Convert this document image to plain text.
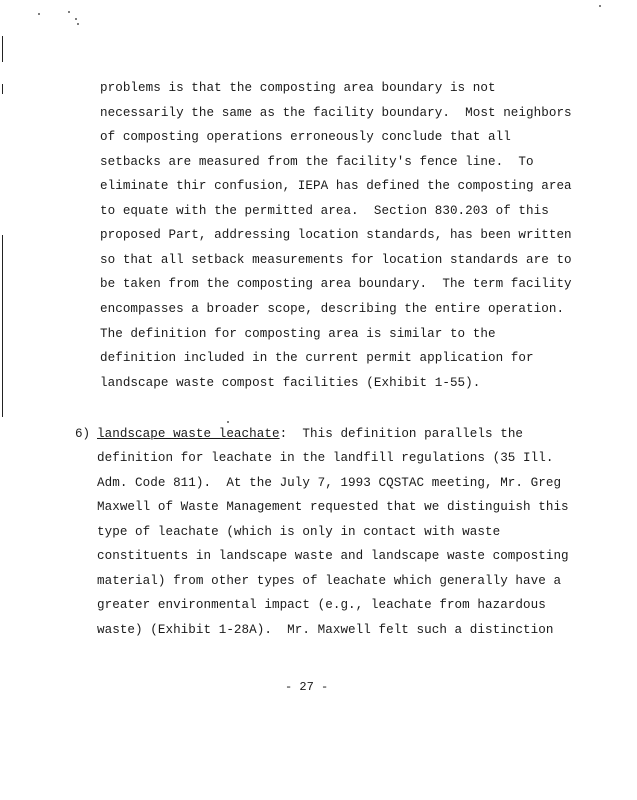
problems is that the composting area boundary is not
necessarily the same as the facility boundary.  Most neighbors
of composting operations erroneously conclude that all
setbacks are measured from the facility's fence line.  To
eliminate thir confusion, IEPA has defined the composting area
to equate with the permitted area.  Section 830.203 of this
proposed Part, addressing location standards, has been written
so that all setback measurements for location standards are to
be taken from the composting area boundary.  The term facility
encompasses a broader scope, describing the entire operation.
The definition for composting area is similar to the
definition included in the current permit application for
landscape waste compost facilities (Exhibit 1-55).
6) landscape waste leachate:  This definition parallels the
definition for leachate in the landfill regulations (35 Ill.
Adm. Code 811).  At the July 7, 1993 CQSTAC meeting, Mr. Greg
Maxwell of Waste Management requested that we distinguish this
type of leachate (which is only in contact with waste
constituents in landscape waste and landscape waste composting
material) from other types of leachate which generally have a
greater environmental impact (e.g., leachate from hazardous
waste) (Exhibit 1-28A).  Mr. Maxwell felt such a distinction
- 27 -
